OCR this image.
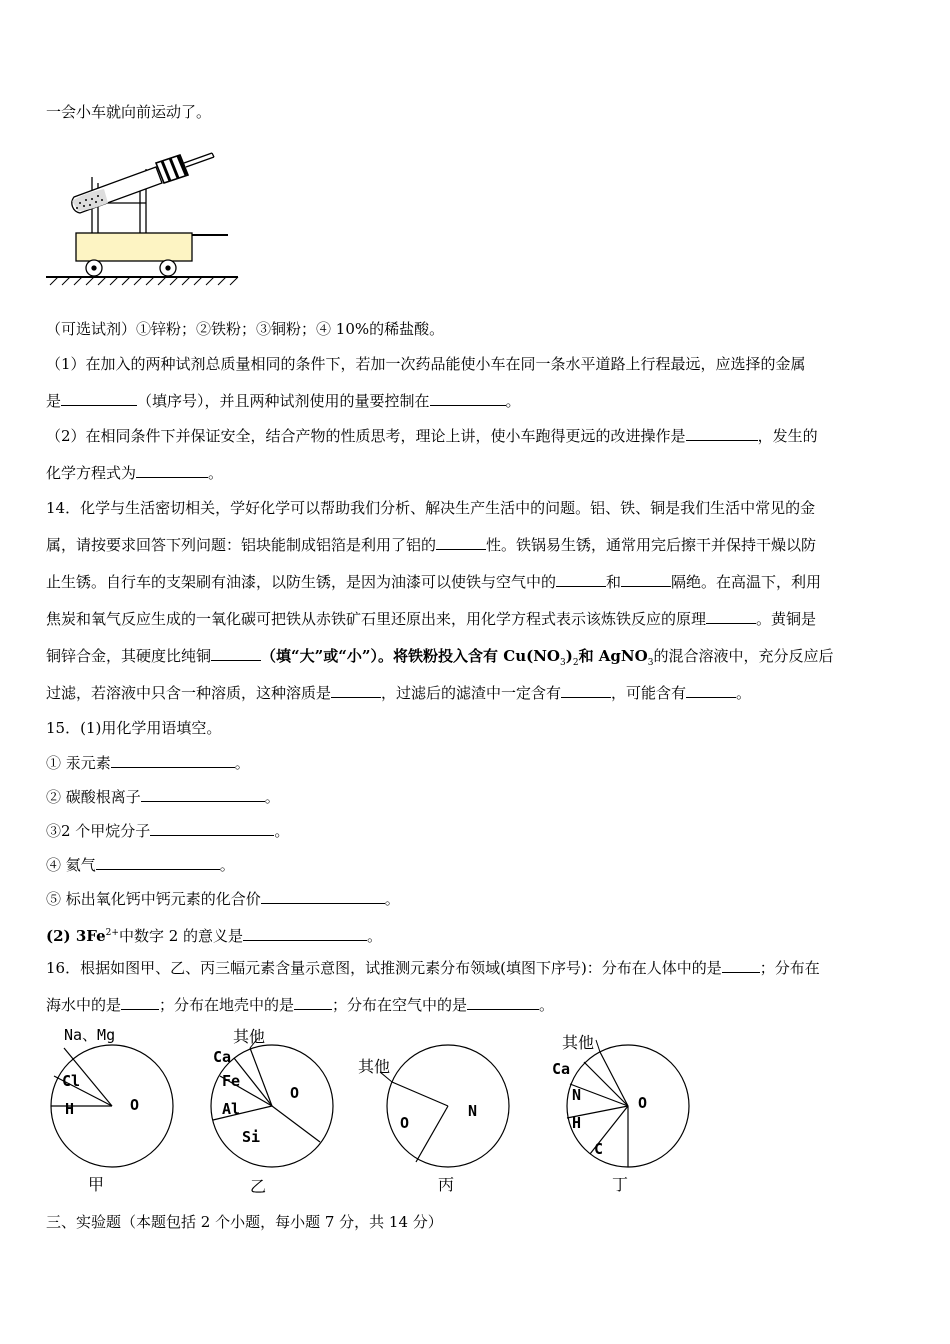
一会小车就向前运动了。
（可选试剂）①锌粉；②铁粉；③铜粉；④ 10%的稀盐酸。
（1）在加入的两种试剂总质量相同的条件下，若加一次药品能使小车在同一条水平道路上行程最远，应选择的金属
是	（填序号），并且两种试剂使用的量要控制在	。
（2）在相同条件下并保证安全，结合产物的性质思考，理论上讲，使小车跑得更远的改进操作是	，发生的
化学方程式为	。
14．化学与生活密切相关，学好化学可以帮助我们分析、解决生产生活中的问题。铝、铁、铜是我们生活中常见的金
属，请按要求回答下列问题：铝块能制成铝箔是利用了铝的	性。铁锅易生锈，通常用完后擦干并保持干燥以防
止生锈。自行车的支架刷有油漆，以防生锈，是因为油漆可以使铁与空气中的	和	隔绝。在高温下，利用
焦炭和氧气反应生成的一氧化碳可把铁从赤铁矿石里还原出来，用化学方程式表示该炼铁反应的原理	。黄铜是
铜锌合金，其硬度比纯铜	（填“大”或“小”）。将铁粉投入含有 $Cu(NO_3)_2$和 AgNO$_3$的混合溶液中，充分反应后
过滤，若溶液中只含一种溶质，这种溶质是	，过滤后的滤渣中一定含有	，可能含有	。
15．(1)用化学用语填空。
① 汞元素	。
② 碳酸根离子	。
③2 个甲烷分子	。
④ 氦气	。
⑤ 标出氧化钙中钙元素的化合价	。
(2) $3Fe^{2+}$中数字 2 的意义是	。
16．根据如图甲、乙、丙三幅元素含量示意图，试推测元素分布领域(填图下序号)：分布在人体中的是	；分布在
海水中的是	；分布在地壳中的是	；分布在空气中的是	。
Na、Mg
Cl
H	O
甲
其他
Ca
Fe
Al
Si
O
乙
其他
O
N
丙
其他
Ca
N
H
C
O
丁
三、实验题（本题包括 2 个小题，每小题 7 分，共 14 分）
